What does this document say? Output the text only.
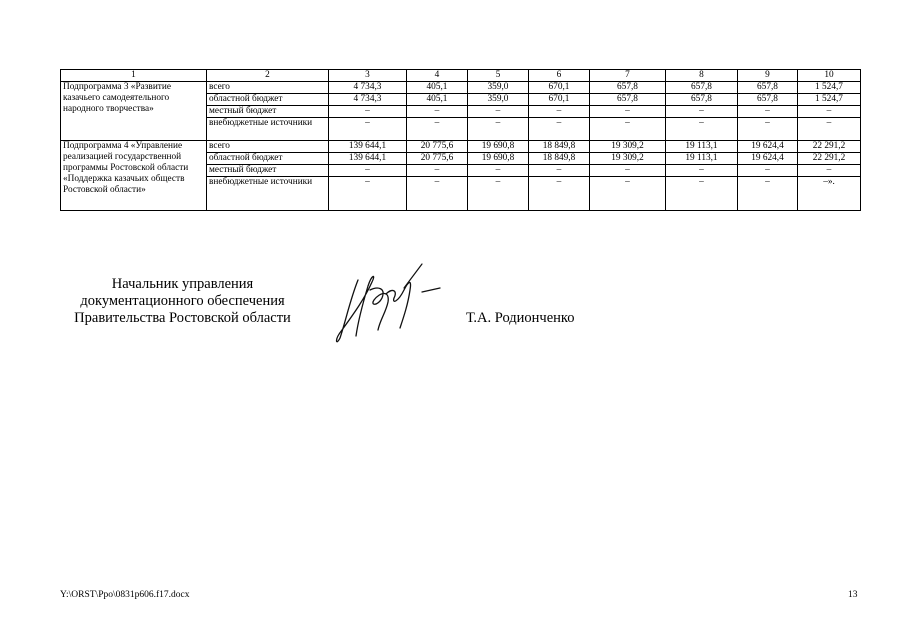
1	2	3	4	5	6	7	8	9	10
Подпрограмма 3 «Развитие казачьего самодеятельного народного творчества»	всего	4 734,3	405,1	359,0	670,1	657,8	657,8	657,8	1 524,7
	областной бюджет	4 734,3	405,1	359,0	670,1	657,8	657,8	657,8	1 524,7
	местный бюджет	–	–	–	–	–	–	–	–
	внебюджетные источники	–	–	–	–	–	–	–	–
Подпрограмма 4 «Управление реализацией государственной программы Ростовской области «Поддержка казачьих обществ Ростовской области»	всего	139 644,1	20 775,6	19 690,8	18 849,8	19 309,2	19 113,1	19 624,4	22 291,2
	областной бюджет	139 644,1	20 775,6	19 690,8	18 849,8	19 309,2	19 113,1	19 624,4	22 291,2
	местный бюджет	–	–	–	–	–	–	–	–
	внебюджетные источники	–	–	–	–	–	–	–	–».
Начальник управления
документационного обеспечения
Правительства Ростовской области	Т.А. Родионченко
Y:\ORST\Ppo\0831p606.f17.docx	13
